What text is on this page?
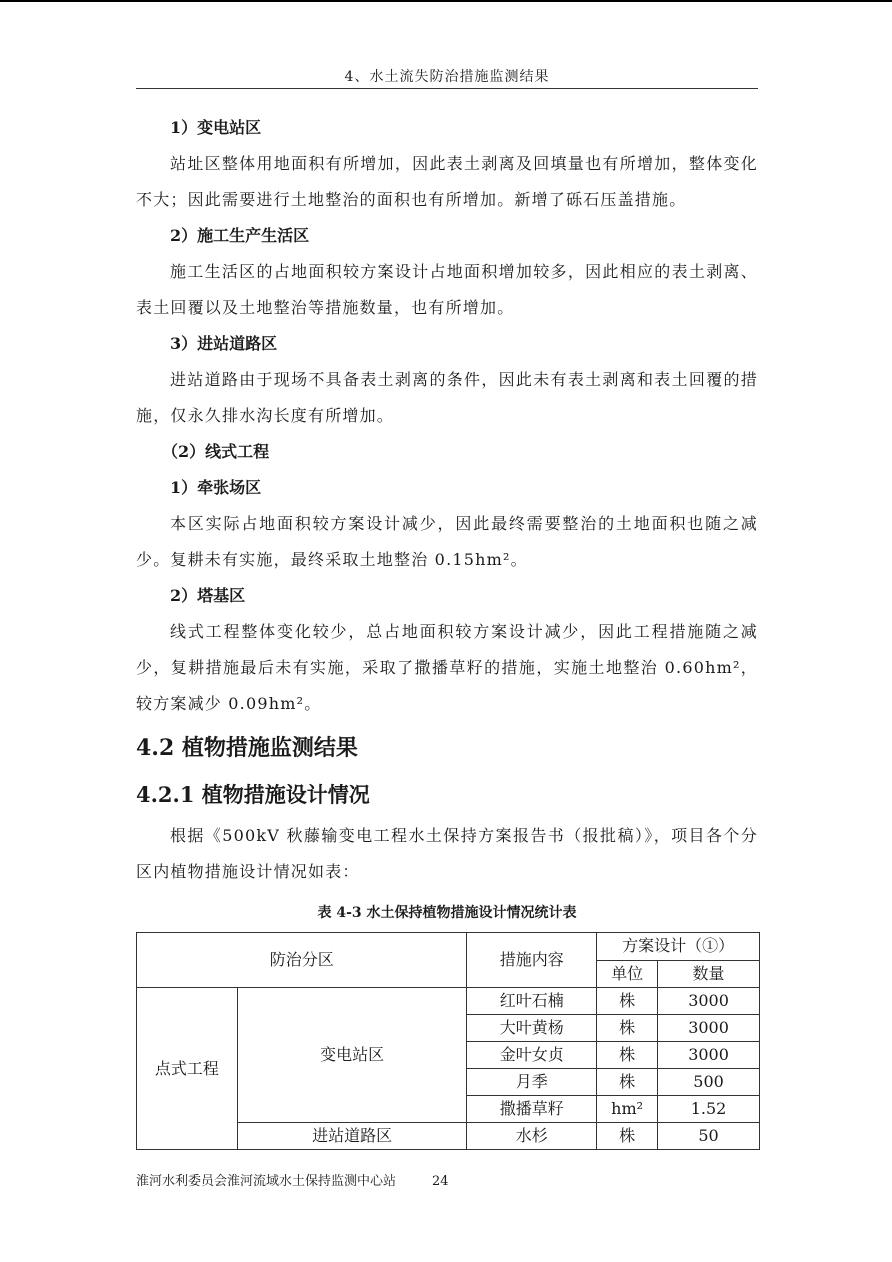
4、水土流失防治措施监测结果
1）变电站区
站址区整体用地面积有所增加，因此表土剥离及回填量也有所增加，整体变化不大；因此需要进行土地整治的面积也有所增加。新增了砾石压盖措施。
2）施工生产生活区
施工生活区的占地面积较方案设计占地面积增加较多，因此相应的表土剥离、表土回覆以及土地整治等措施数量，也有所增加。
3）进站道路区
进站道路由于现场不具备表土剥离的条件，因此未有表土剥离和表土回覆的措施，仅永久排水沟长度有所增加。
（2）线式工程
1）牵张场区
本区实际占地面积较方案设计减少，因此最终需要整治的土地面积也随之减少。复耕未有实施，最终采取土地整治 0.15hm²。
2）塔基区
线式工程整体变化较少，总占地面积较方案设计减少，因此工程措施随之减少，复耕措施最后未有实施，采取了撒播草籽的措施，实施土地整治 0.60hm²，较方案减少 0.09hm²。
4.2 植物措施监测结果
4.2.1 植物措施设计情况
根据《500kV 秋藤输变电工程水土保持方案报告书（报批稿）》，项目各个分区内植物措施设计情况如表：
表 4-3 水土保持植物措施设计情况统计表
防治分区		措施内容	方案设计（①）	
			单位	数量
点式工程	变电站区	红叶石楠	株	3000
		大叶黄杨	株	3000
		金叶女贞	株	3000
		月季	株	500
		撒播草籽	hm²	1.52
	进站道路区	水杉	株	50
淮河水利委员会淮河流域水土保持监测中心站	24
